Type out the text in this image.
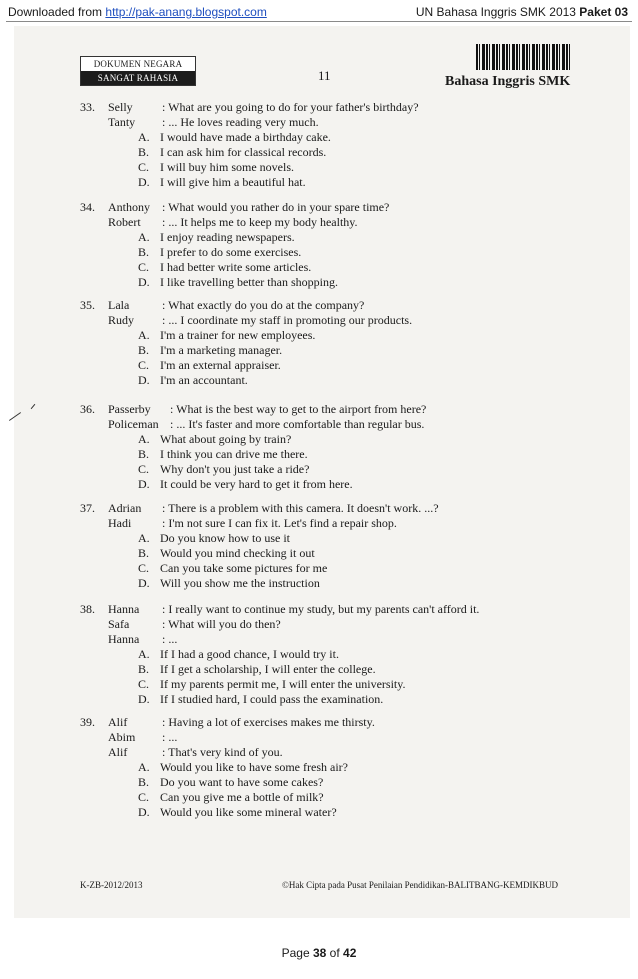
Downloaded from http://pak-anang.blogspot.com	UN Bahasa Inggris SMK 2013 Paket 03
DOKUMEN NEGARA
SANGAT RAHASIA	11	Bahasa Inggris SMK
33. Selly : What are you going to do for your father's birthday?
Tanty : ... He loves reading very much.
A. I would have made a birthday cake.
B. I can ask him for classical records.
C. I will buy him some novels.
D. I will give him a beautiful hat.
34. Anthony : What would you rather do in your spare time?
Robert : ... It helps me to keep my body healthy.
A. I enjoy reading newspapers.
B. I prefer to do some exercises.
C. I had better write some articles.
D. I like travelling better than shopping.
35. Lala	: What exactly do you do at the company?
Rudy : ... I coordinate my staff in promoting our products.
A. I'm a trainer for new employees.
B. I'm a marketing manager.
C. I'm an external appraiser.
D. I'm an accountant.
36. Passerby : What is the best way to get to the airport from here?
Policeman : ... It's faster and more comfortable than regular bus.
A. What about going by train?
B. I think you can drive me there.
C. Why don't you just take a ride?
D. It could be very hard to get it from here.
37. Adrian : There is a problem with this camera. It doesn't work. ...?
Hadi	: I'm not sure I can fix it. Let's find a repair shop.
A. Do you know how to use it
B. Would you mind checking it out
C. Can you take some pictures for me
D. Will you show me the instruction
38. Hanna : I really want to continue my study, but my parents can't afford it.
Safa	: What will you do then?
Hanna : ...
A. If I had a good chance, I would try it.
B. If I get a scholarship, I will enter the college.
C. If my parents permit me, I will enter the university.
D. If I studied hard, I could pass the examination.
39. Alif	: Having a lot of exercises makes me thirsty.
Abim : ...
Alif	: That's very kind of you.
A. Would you like to have some fresh air?
B. Do you want to have some cakes?
C. Can you give me a bottle of milk?
D. Would you like some mineral water?
K-ZB-2012/2013	©Hak Cipta pada Pusat Penilaian Pendidikan-BALITBANG-KEMDIKBUD
Page 38 of 42
